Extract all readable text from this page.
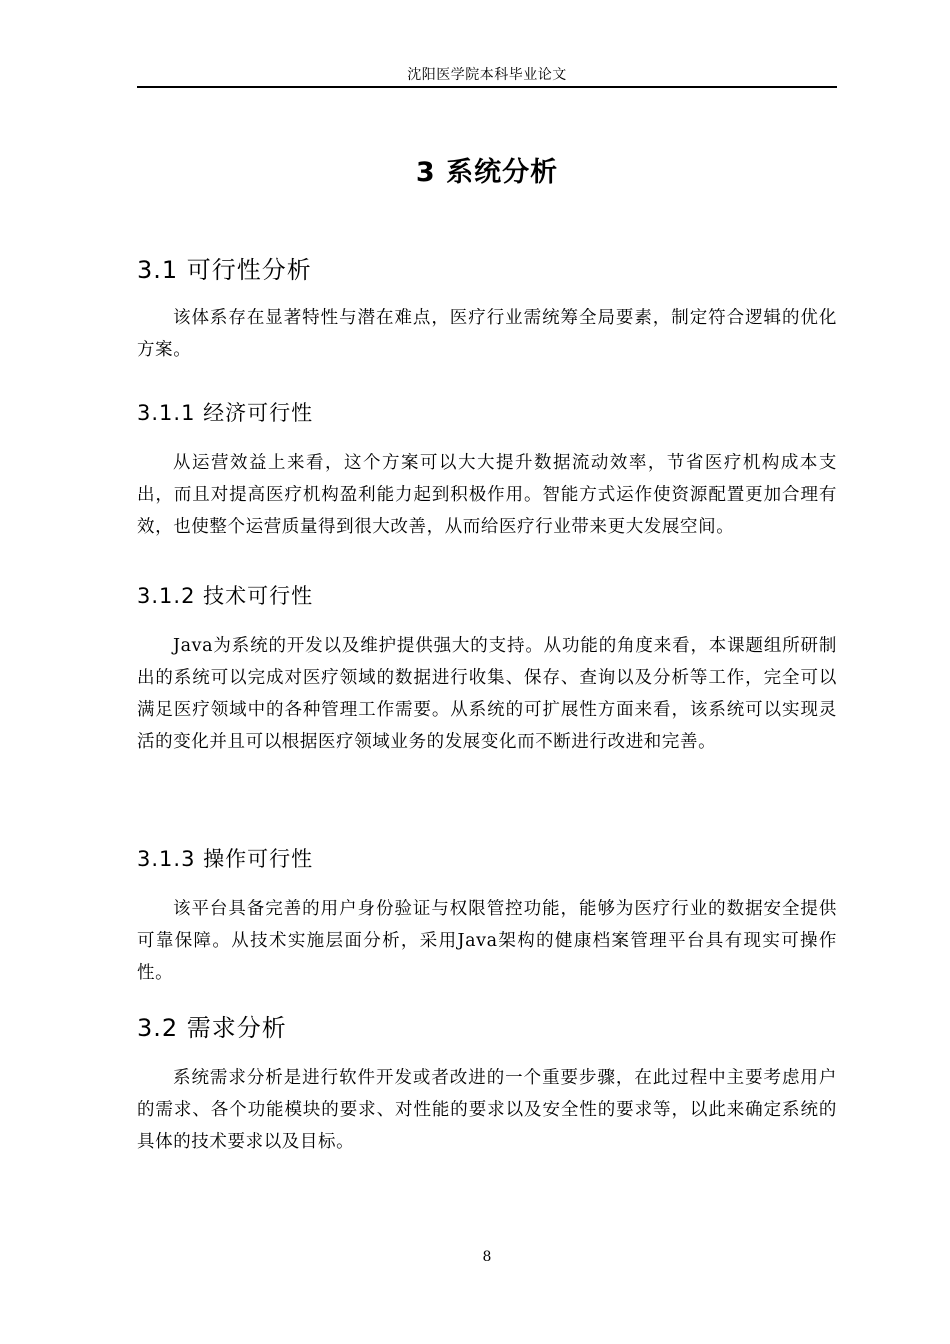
沈阳医学院本科毕业论文
3 系统分析
3.1 可行性分析

该体系存在显著特性与潜在难点，医疗行业需统筹全局要素，制定符合逻辑的优化方案。

3.1.1 经济可行性

从运营效益上来看，这个方案可以大大提升数据流动效率，节省医疗机构成本支出，而且对提高医疗机构盈利能力起到积极作用。智能方式运作使资源配置更加合理有效，也使整个运营质量得到很大改善，从而给医疗行业带来更大发展空间。

3.1.2 技术可行性

Java为系统的开发以及维护提供强大的支持。从功能的角度来看，本课题组所研制出的系统可以完成对医疗领域的数据进行收集、保存、查询以及分析等工作，完全可以满足医疗领域中的各种管理工作需要。从系统的可扩展性方面来看，该系统可以实现灵活的变化并且可以根据医疗领域业务的发展变化而不断进行改进和完善。

3.1.3 操作可行性

该平台具备完善的用户身份验证与权限管控功能，能够为医疗行业的数据安全提供可靠保障。从技术实施层面分析，采用Java架构的健康档案管理平台具有现实可操作性。

3.2 需求分析

系统需求分析是进行软件开发或者改进的一个重要步骤，在此过程中主要考虑用户的需求、各个功能模块的要求、对性能的要求以及安全性的要求等，以此来确定系统的具体的技术要求以及目标。

8
